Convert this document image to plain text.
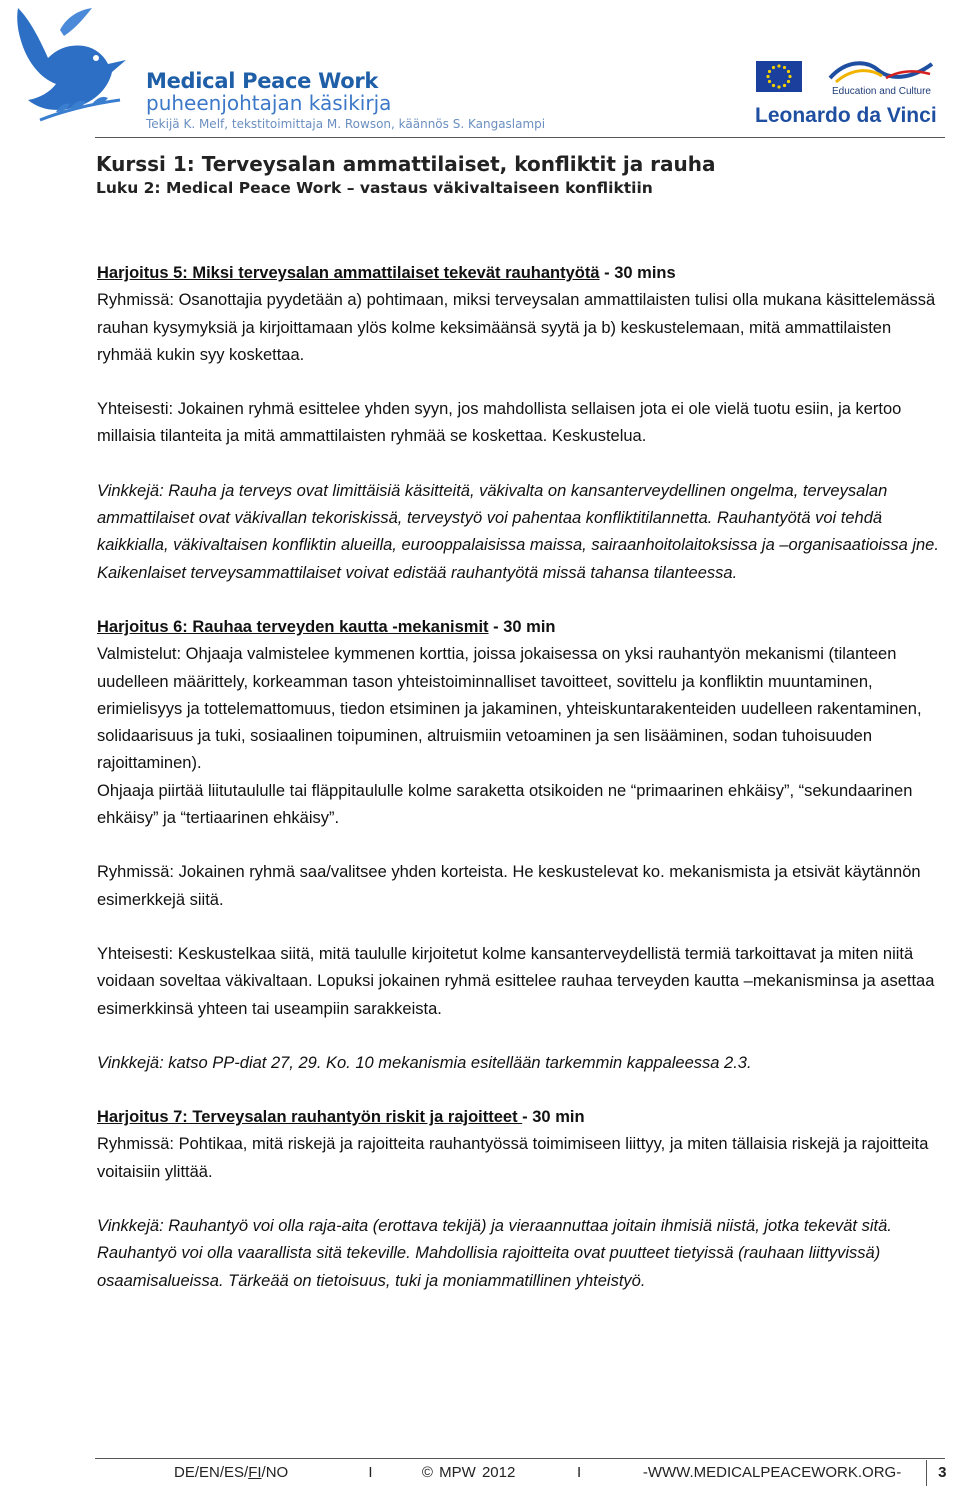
Medical Peace Work
puheenjohtajan käsikirja
Tekijä K. Melf, tekstitoimittaja M. Rowson, käännös S. Kangaslampi
Education and Culture
Leonardo da Vinci
Kurssi 1: Terveysalan ammattilaiset, konfliktit ja rauha
Luku 2: Medical Peace Work – vastaus väkivaltaiseen konfliktiin

Harjoitus 5: Miksi terveysalan ammattilaiset tekevät rauhantyötä - 30 mins

Ryhmissä: Osanottajia pyydetään a) pohtimaan, miksi terveysalan ammattilaisten tulisi olla mukana käsittelemässä rauhan kysymyksiä ja kirjoittamaan ylös kolme keksimäänsä syytä ja b) keskustelemaan, mitä ammattilaisten ryhmää kukin syy koskettaa.

Yhteisesti: Jokainen ryhmä esittelee yhden syyn, jos mahdollista sellaisen jota ei ole vielä tuotu esiin, ja kertoo millaisia tilanteita ja mitä ammattilaisten ryhmää se koskettaa. Keskustelua.

Vinkkejä: Rauha ja terveys ovat limittäisiä käsitteitä, väkivalta on kansanterveydellinen ongelma, terveysalan ammattilaiset ovat väkivallan tekoriskissä, terveystyö voi pahentaa konfliktitilannetta. Rauhantyötä voi tehdä kaikkialla, väkivaltaisen konfliktin alueilla, eurooppalaisissa maissa, sairaanhoitolaitoksissa ja –organisaatioissa jne. Kaikenlaiset terveysammattilaiset voivat edistää rauhantyötä missä tahansa tilanteessa.

Harjoitus 6: Rauhaa terveyden kautta -mekanismit - 30 min

Valmistelut: Ohjaaja valmistelee kymmenen korttia, joissa jokaisessa on yksi rauhantyön mekanismi (tilanteen uudelleen määrittely, korkeamman tason yhteistoiminnalliset tavoitteet, sovittelu ja konfliktin muuntaminen, erimielisyys ja tottelemattomuus, tiedon etsiminen ja jakaminen, yhteiskuntarakenteiden uudelleen rakentaminen, solidaarisuus ja tuki, sosiaalinen toipuminen, altruismiin vetoaminen ja sen lisääminen, sodan tuhoisuuden rajoittaminen).

Ohjaaja piirtää liitutaululle tai fläppitaululle kolme saraketta otsikoiden ne “primaarinen ehkäisy”, “sekundaarinen ehkäisy” ja “tertiaarinen ehkäisy”.

Ryhmissä: Jokainen ryhmä saa/valitsee yhden korteista. He keskustelevat ko. mekanismista ja etsivät käytännön esimerkkejä siitä.

Yhteisesti: Keskustelkaa siitä, mitä taululle kirjoitetut kolme kansanterveydellistä termiä tarkoittavat ja miten niitä voidaan soveltaa väkivaltaan. Lopuksi jokainen ryhmä esittelee rauhaa terveyden kautta –mekanisminsa ja asettaa esimerkkinsä yhteen tai useampiin sarakkeista.

Vinkkejä: katso PP-diat 27, 29. Ko. 10 mekanismia esitellään tarkemmin kappaleessa 2.3.

Harjoitus 7: Terveysalan rauhantyön riskit ja rajoitteet - 30 min

Ryhmissä: Pohtikaa, mitä riskejä ja rajoitteita rauhantyössä toimimiseen liittyy, ja miten tällaisia riskejä ja rajoitteita voitaisiin ylittää.

Vinkkejä: Rauhantyö voi olla raja-aita (erottava tekijä) ja vieraannuttaa joitain ihmisiä niistä, jotka tekevät sitä. Rauhantyö voi olla vaarallista sitä tekeville. Mahdollisia rajoitteita ovat puutteet tietyissä (rauhaan liittyvissä) osaamisalueissa. Tärkeää on tietoisuus, tuki ja moniammatillinen yhteistyö.

DE/EN/ES/FI/NO	I	© MPW 2012	I	-WWW.MEDICALPEACEWORK.ORG- 3
